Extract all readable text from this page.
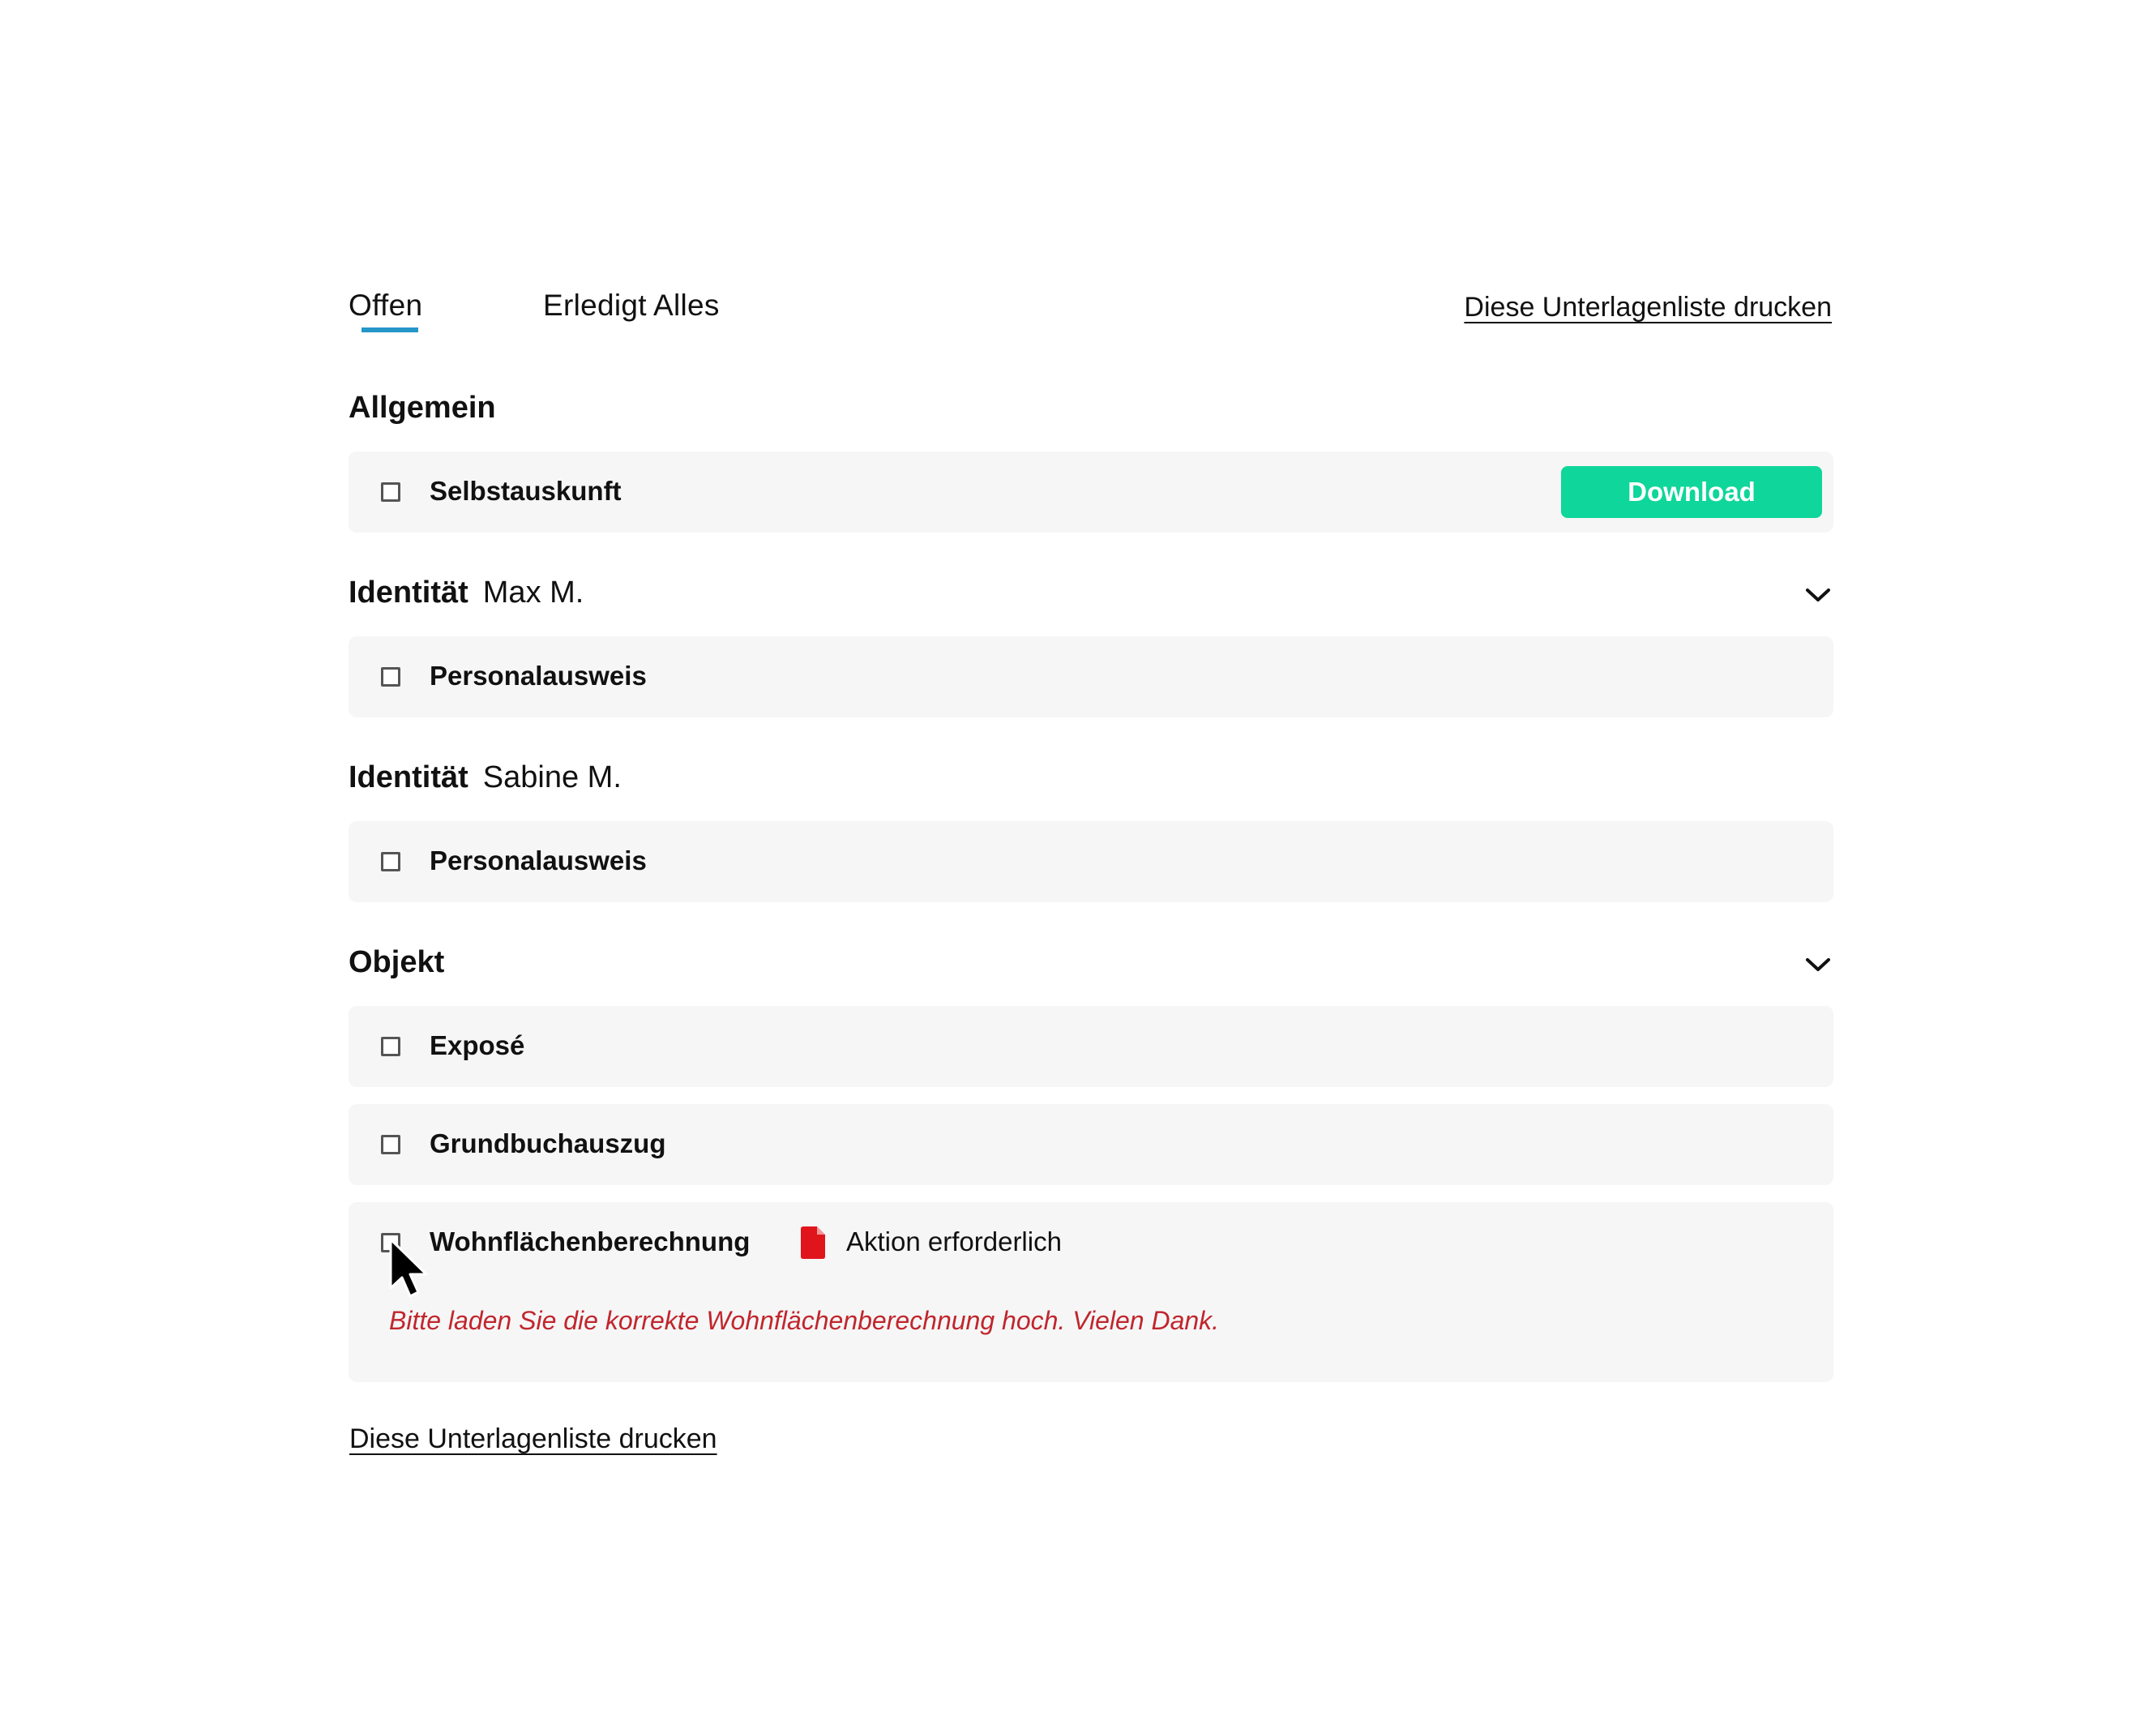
Offen	Erledigt Alles	Diese Unterlagenliste drucken
Allgemein
Selbstauskunft	Download
Identität Max M.
Personalausweis
Identität Sabine M.
Personalausweis
Objekt
Exposé
Grundbuchauszug
Wohnflächenberechnung	Aktion erforderlich
Bitte laden Sie die korrekte Wohnflächenberechnung hoch. Vielen Dank.
Diese Unterlagenliste drucken
